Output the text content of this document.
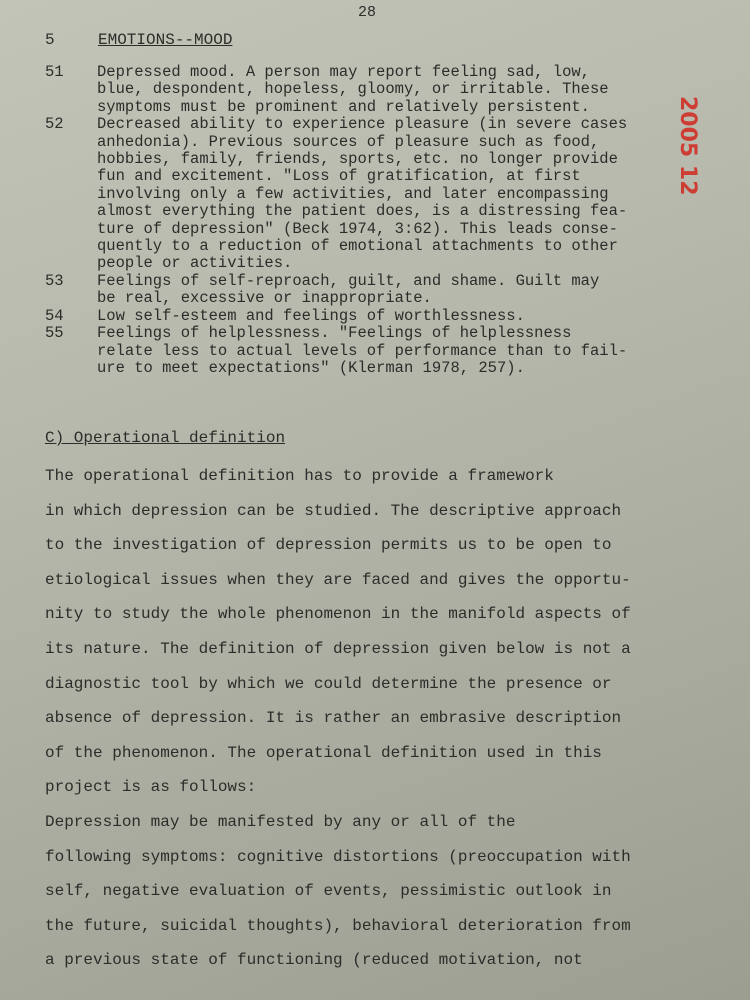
28
5	EMOTIONS--MOOD
51	Depressed mood. A person may report feeling sad, low,
blue, despondent, hopeless, gloomy, or irritable. These
symptoms must be prominent and relatively persistent.
52	Decreased ability to experience pleasure (in severe cases
anhedonia). Previous sources of pleasure such as food,
hobbies, family, friends, sports, etc. no longer provide
fun and excitement. "Loss of gratification, at first
involving only a few activities, and later encompassing
almost everything the patient does, is a distressing fea-
ture of depression" (Beck 1974, 3:62). This leads conse-
quently to a reduction of emotional attachments to other
people or activities.
53	Feelings of self-reproach, guilt, and shame. Guilt may
be real, excessive or inappropriate.
54	Low self-esteem and feelings of worthlessness.
55	Feelings of helplessness. "Feelings of helplessness
relate less to actual levels of performance than to fail-
ure to meet expectations" (Klerman 1978, 257).
C) Operational definition
The operational definition has to provide a framework
in which depression can be studied. The descriptive approach
to the investigation of depression permits us to be open to
etiological issues when they are faced and gives the opportu-
nity to study the whole phenomenon in the manifold aspects of
its nature. The definition of depression given below is not a
diagnostic tool by which we could determine the presence or
absence of depression. It is rather an embrasive description
of the phenomenon. The operational definition used in this
project is as follows:
Depression may be manifested by any or all of the
following symptoms: cognitive distortions (preoccupation with
self, negative evaluation of events, pessimistic outlook in
the future, suicidal thoughts), behavioral deterioration from
a previous state of functioning (reduced motivation, not
2005 12
